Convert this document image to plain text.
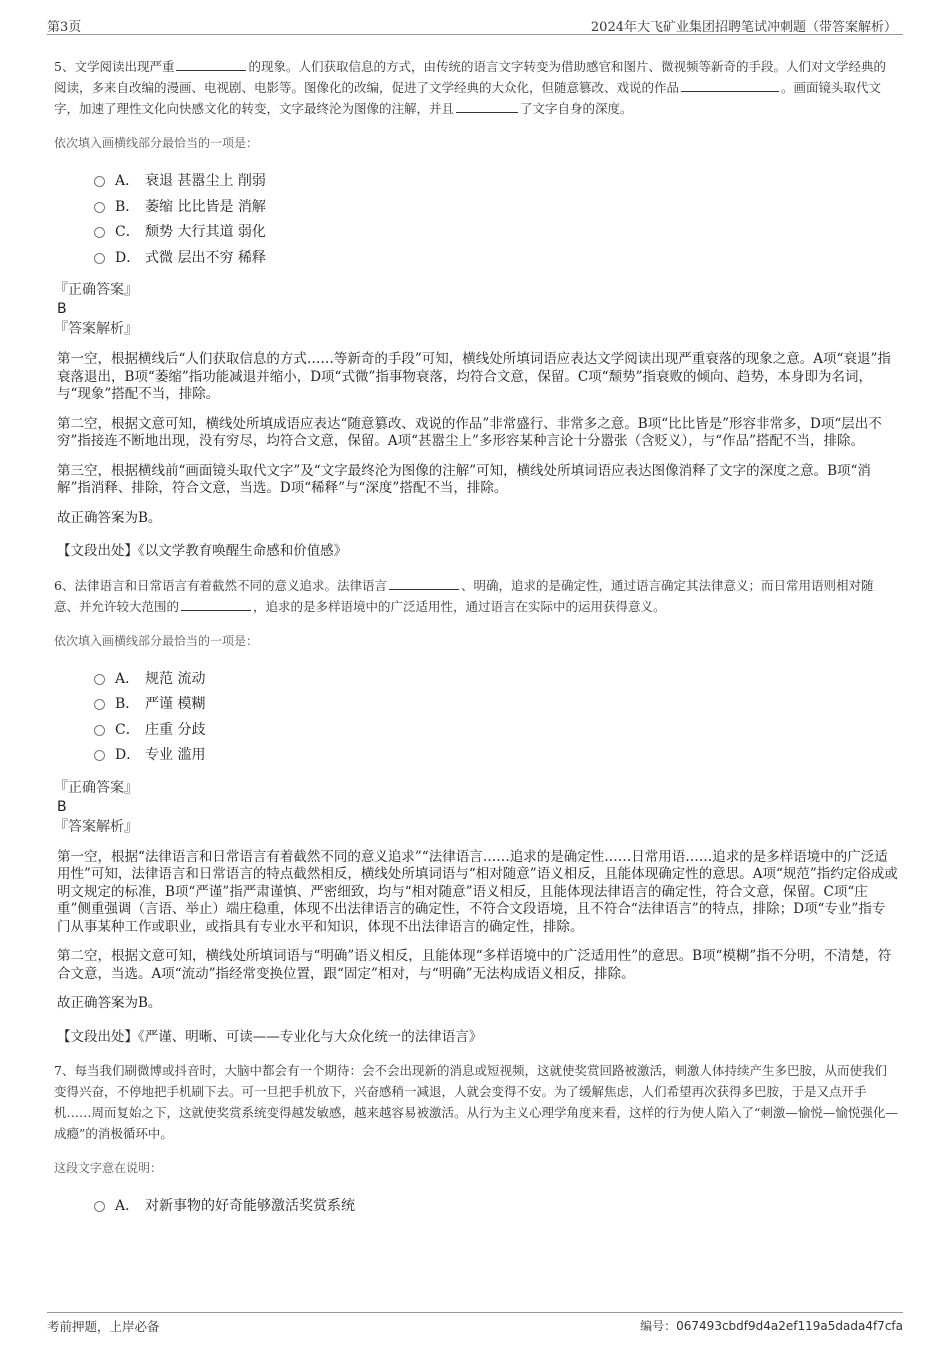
第3页	2024年大飞矿业集团招聘笔试冲刺题（带答案解析）

5、文学阅读出现严重	的现象。人们获取信息的方式，由传统的语言文字转变为借助感官和图片、微视频等新奇的手段。人们对文学经典的阅读，多来自改编的漫画、电视剧、电影等。图像化的改编，促进了文学经典的大众化，但随意篡改、戏说的作品	。画面镜头取代文字，加速了理性文化向快感文化的转变，文字最终沦为图像的注解，并且	了文字自身的深度。

依次填入画横线部分最恰当的一项是：

A． 衰退 甚嚣尘上 削弱
B． 萎缩 比比皆是 消解
C． 颓势 大行其道 弱化
D． 式微 层出不穷 稀释

『正确答案』

B

『答案解析』

第一空，根据横线后“人们获取信息的方式……等新奇的手段”可知，横线处所填词语应表达文学阅读出现严重衰落的现象之意。A项“衰退”指衰落退出，B项“萎缩”指功能减退并缩小，D项“式微”指事物衰落，均符合文意，保留。C项“颓势”指衰败的倾向、趋势，本身即为名词，与“现象”搭配不当，排除。

第二空，根据文意可知，横线处所填成语应表达“随意篡改、戏说的作品”非常盛行、非常多之意。B项“比比皆是”形容非常多，D项“层出不穷”指接连不断地出现，没有穷尽，均符合文意，保留。A项“甚嚣尘上”多形容某种言论十分嚣张（含贬义），与“作品”搭配不当，排除。

第三空，根据横线前“画面镜头取代文字”及“文字最终沦为图像的注解”可知，横线处所填词语应表达图像消释了文字的深度之意。B项“消解”指消释、排除，符合文意，当选。D项“稀释”与“深度”搭配不当，排除。

故正确答案为B。

【文段出处】《以文学教育唤醒生命感和价值感》

6、法律语言和日常语言有着截然不同的意义追求。法律语言	、明确，追求的是确定性，通过语言确定其法律意义；而日常用语则相对随意、并允许较大范围的	，追求的是多样语境中的广泛适用性，通过语言在实际中的运用获得意义。

依次填入画横线部分最恰当的一项是：

A． 规范 流动
B． 严谨 模糊
C． 庄重 分歧
D． 专业 滥用

『正确答案』

B

『答案解析』

第一空，根据“法律语言和日常语言有着截然不同的意义追求”“法律语言……追求的是确定性……日常用语……追求的是多样语境中的广泛适用性”可知，法律语言和日常语言的特点截然相反，横线处所填词语与“相对随意”语义相反，且能体现确定性的意思。A项“规范”指约定俗成或明文规定的标准，B项“严谨”指严肃谨慎、严密细致，均与“相对随意”语义相反，且能体现法律语言的确定性，符合文意，保留。C项“庄重”侧重强调（言语、举止）端庄稳重，体现不出法律语言的确定性，不符合文段语境，且不符合“法律语言”的特点，排除；D项“专业”指专门从事某种工作或职业，或指具有专业水平和知识，体现不出法律语言的确定性，排除。

第二空，根据文意可知，横线处所填词语与“明确”语义相反，且能体现“多样语境中的广泛适用性”的意思。B项“模糊”指不分明，不清楚，符合文意，当选。A项“流动”指经常变换位置，跟“固定”相对，与“明确”无法构成语义相反，排除。

故正确答案为B。

【文段出处】《严谨、明晰、可读——专业化与大众化统一的法律语言》

7、每当我们刷微博或抖音时，大脑中都会有一个期待：会不会出现新的消息或短视频，这就使奖赏回路被激活，刺激人体持续产生多巴胺，从而使我们变得兴奋，不停地把手机刷下去。可一旦把手机放下，兴奋感稍一减退，人就会变得不安。为了缓解焦虑，人们希望再次获得多巴胺，于是又点开手机……周而复始之下，这就使奖赏系统变得越发敏感，越来越容易被激活。从行为主义心理学角度来看，这样的行为使人陷入了“刺激—愉悦—愉悦强化—成瘾”的消极循环中。

这段文字意在说明：

A． 对新事物的好奇能够激活奖赏系统
考前押题，上岸必备	编号：067493cbdf9d4a2ef119a5dada4f7cfa
